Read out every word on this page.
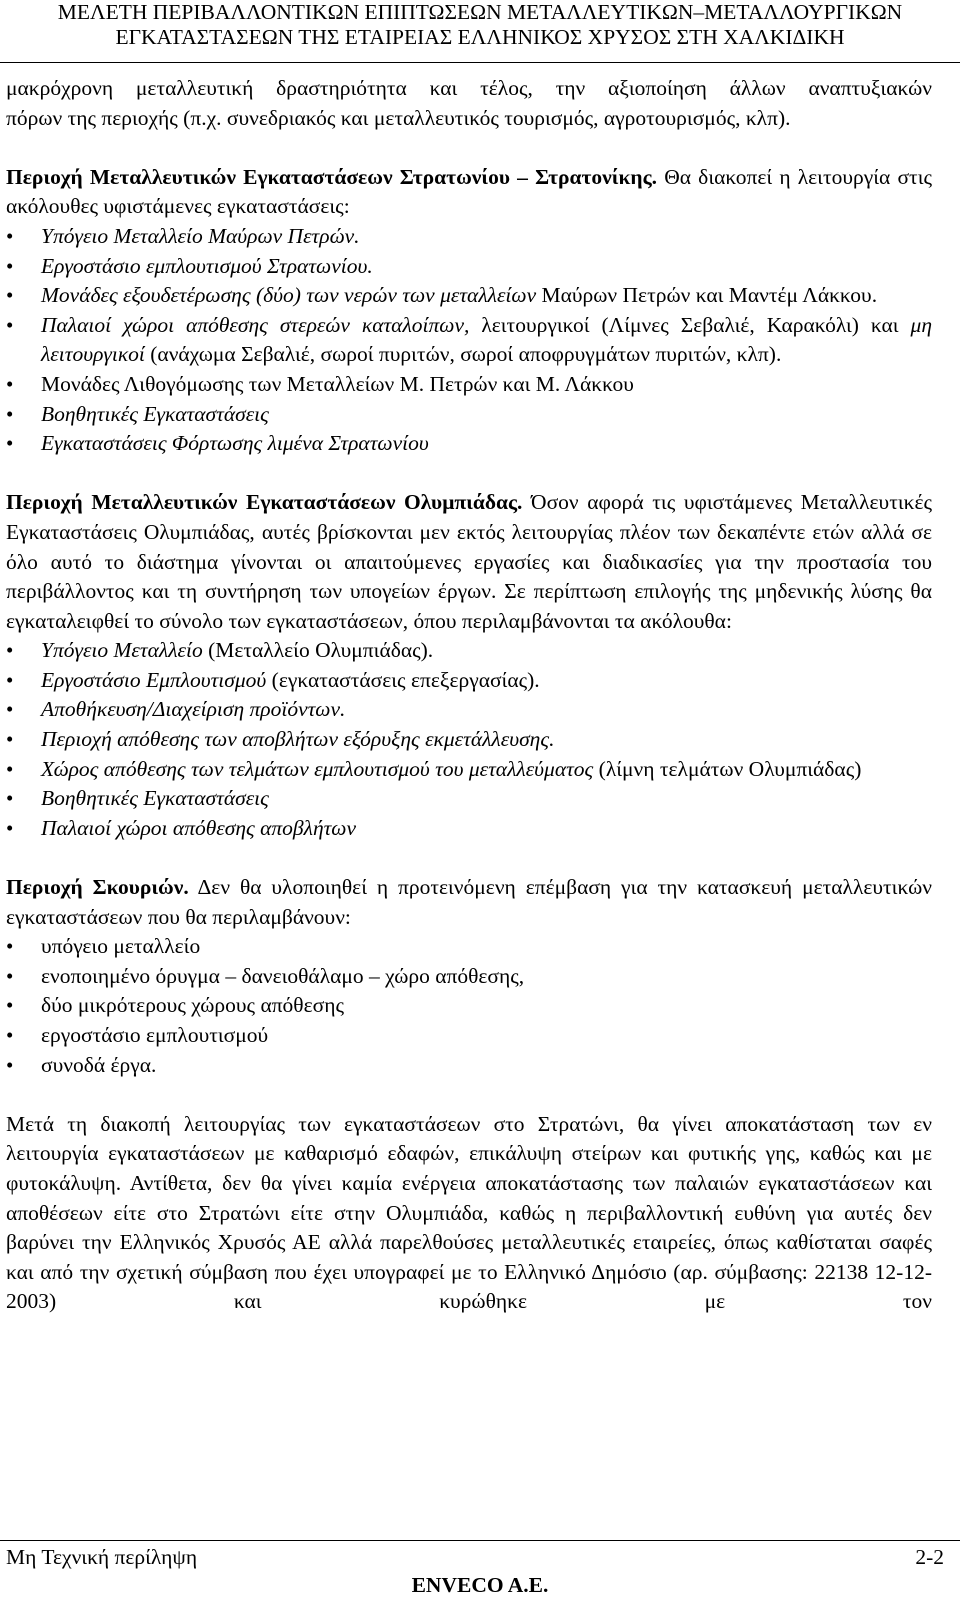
ΜΕΛΕΤΗ ΠΕΡΙΒΑΛΛΟΝΤΙΚΩΝ ΕΠΙΠΤΩΣΕΩΝ ΜΕΤΑΛΛΕΥΤΙΚΩΝ–ΜΕΤΑΛΛΟΥΡΓΙΚΩΝ
ΕΓΚΑΤΑΣΤΑΣΕΩΝ ΤΗΣ ΕΤΑΙΡΕΙΑΣ ΕΛΛΗΝΙΚΟΣ ΧΡΥΣΟΣ ΣΤΗ ΧΑΛΚΙΔΙΚΗ

μακρόχρονη μεταλλευτική δραστηριότητα και τέλος, την αξιοποίηση άλλων αναπτυξιακών
πόρων της περιοχής (π.χ. συνεδριακός και μεταλλευτικός τουρισμός, αγροτουρισμός, κλπ).

Περιοχή Μεταλλευτικών Εγκαταστάσεων Στρατωνίου – Στρατονίκης. Θα διακοπεί η λειτουργία στις ακόλουθες υφιστάμενες εγκαταστάσεις:

• Υπόγειο Μεταλλείο Μαύρων Πετρών.
• Εργοστάσιο εμπλουτισμού Στρατωνίου.
• Μονάδες εξουδετέρωσης (δύο) των νερών των μεταλλείων Μαύρων Πετρών και Μαντέμ Λάκκου.
• Παλαιοί χώροι απόθεσης στερεών καταλοίπων, λειτουργικοί (Λίμνες Σεβαλιέ, Καρακόλι) και μη λειτουργικοί (ανάχωμα Σεβαλιέ, σωροί πυριτών, σωροί αποφρυγμάτων πυριτών, κλπ).
• Μονάδες Λιθογόμωσης των Μεταλλείων Μ. Πετρών και Μ. Λάκκου
• Βοηθητικές Εγκαταστάσεις
• Εγκαταστάσεις Φόρτωσης λιμένα Στρατωνίου

Περιοχή Μεταλλευτικών Εγκαταστάσεων Ολυμπιάδας. Όσον αφορά τις υφιστάμενες Μεταλλευτικές Εγκαταστάσεις Ολυμπιάδας, αυτές βρίσκονται μεν εκτός λειτουργίας πλέον των δεκαπέντε ετών αλλά σε όλο αυτό το διάστημα γίνονται οι απαιτούμενες εργασίες και διαδικασίες για την προστασία του περιβάλλοντος και τη συντήρηση των υπογείων έργων. Σε περίπτωση επιλογής της μηδενικής λύσης θα εγκαταλειφθεί το σύνολο των εγκαταστάσεων, όπου περιλαμβάνονται τα ακόλουθα:

• Υπόγειο Μεταλλείο (Μεταλλείο Ολυμπιάδας).
• Εργοστάσιο Εμπλουτισμού (εγκαταστάσεις επεξεργασίας).
• Αποθήκευση/Διαχείριση προϊόντων.
• Περιοχή απόθεσης των αποβλήτων εξόρυξης εκμετάλλευσης.
• Χώρος απόθεσης των τελμάτων εμπλουτισμού του μεταλλεύματος (λίμνη τελμάτων Ολυμπιάδας)
• Βοηθητικές Εγκαταστάσεις
• Παλαιοί χώροι απόθεσης αποβλήτων

Περιοχή Σκουριών. Δεν θα υλοποιηθεί η προτεινόμενη επέμβαση για την κατασκευή μεταλλευτικών εγκαταστάσεων που θα περιλαμβάνουν:

• υπόγειο μεταλλείο
• ενοποιημένο όρυγμα – δανειοθάλαμο – χώρο απόθεσης,
• δύο μικρότερους χώρους απόθεσης
• εργοστάσιο εμπλουτισμού
• συνοδά έργα.

Μετά τη διακοπή λειτουργίας των εγκαταστάσεων στο Στρατώνι, θα γίνει αποκατάσταση των εν λειτουργία εγκαταστάσεων με καθαρισμό εδαφών, επικάλυψη στείρων και φυτικής γης, καθώς και με φυτοκάλυψη. Αντίθετα, δεν θα γίνει καμία ενέργεια αποκατάστασης των παλαιών εγκαταστάσεων και αποθέσεων είτε στο Στρατώνι είτε στην Ολυμπιάδα, καθώς η περιβαλλοντική ευθύνη για αυτές δεν βαρύνει την Ελληνικός Χρυσός ΑΕ αλλά παρελθούσες μεταλλευτικές εταιρείες, όπως καθίσταται σαφές και από την σχετική σύμβαση που έχει υπογραφεί με το Ελληνικό Δημόσιο (αρ. σύμβασης: 22138 12-12-2003) και κυρώθηκε με τον

Μη Τεχνική περίληψη	2-2
ENVECO A.E.
